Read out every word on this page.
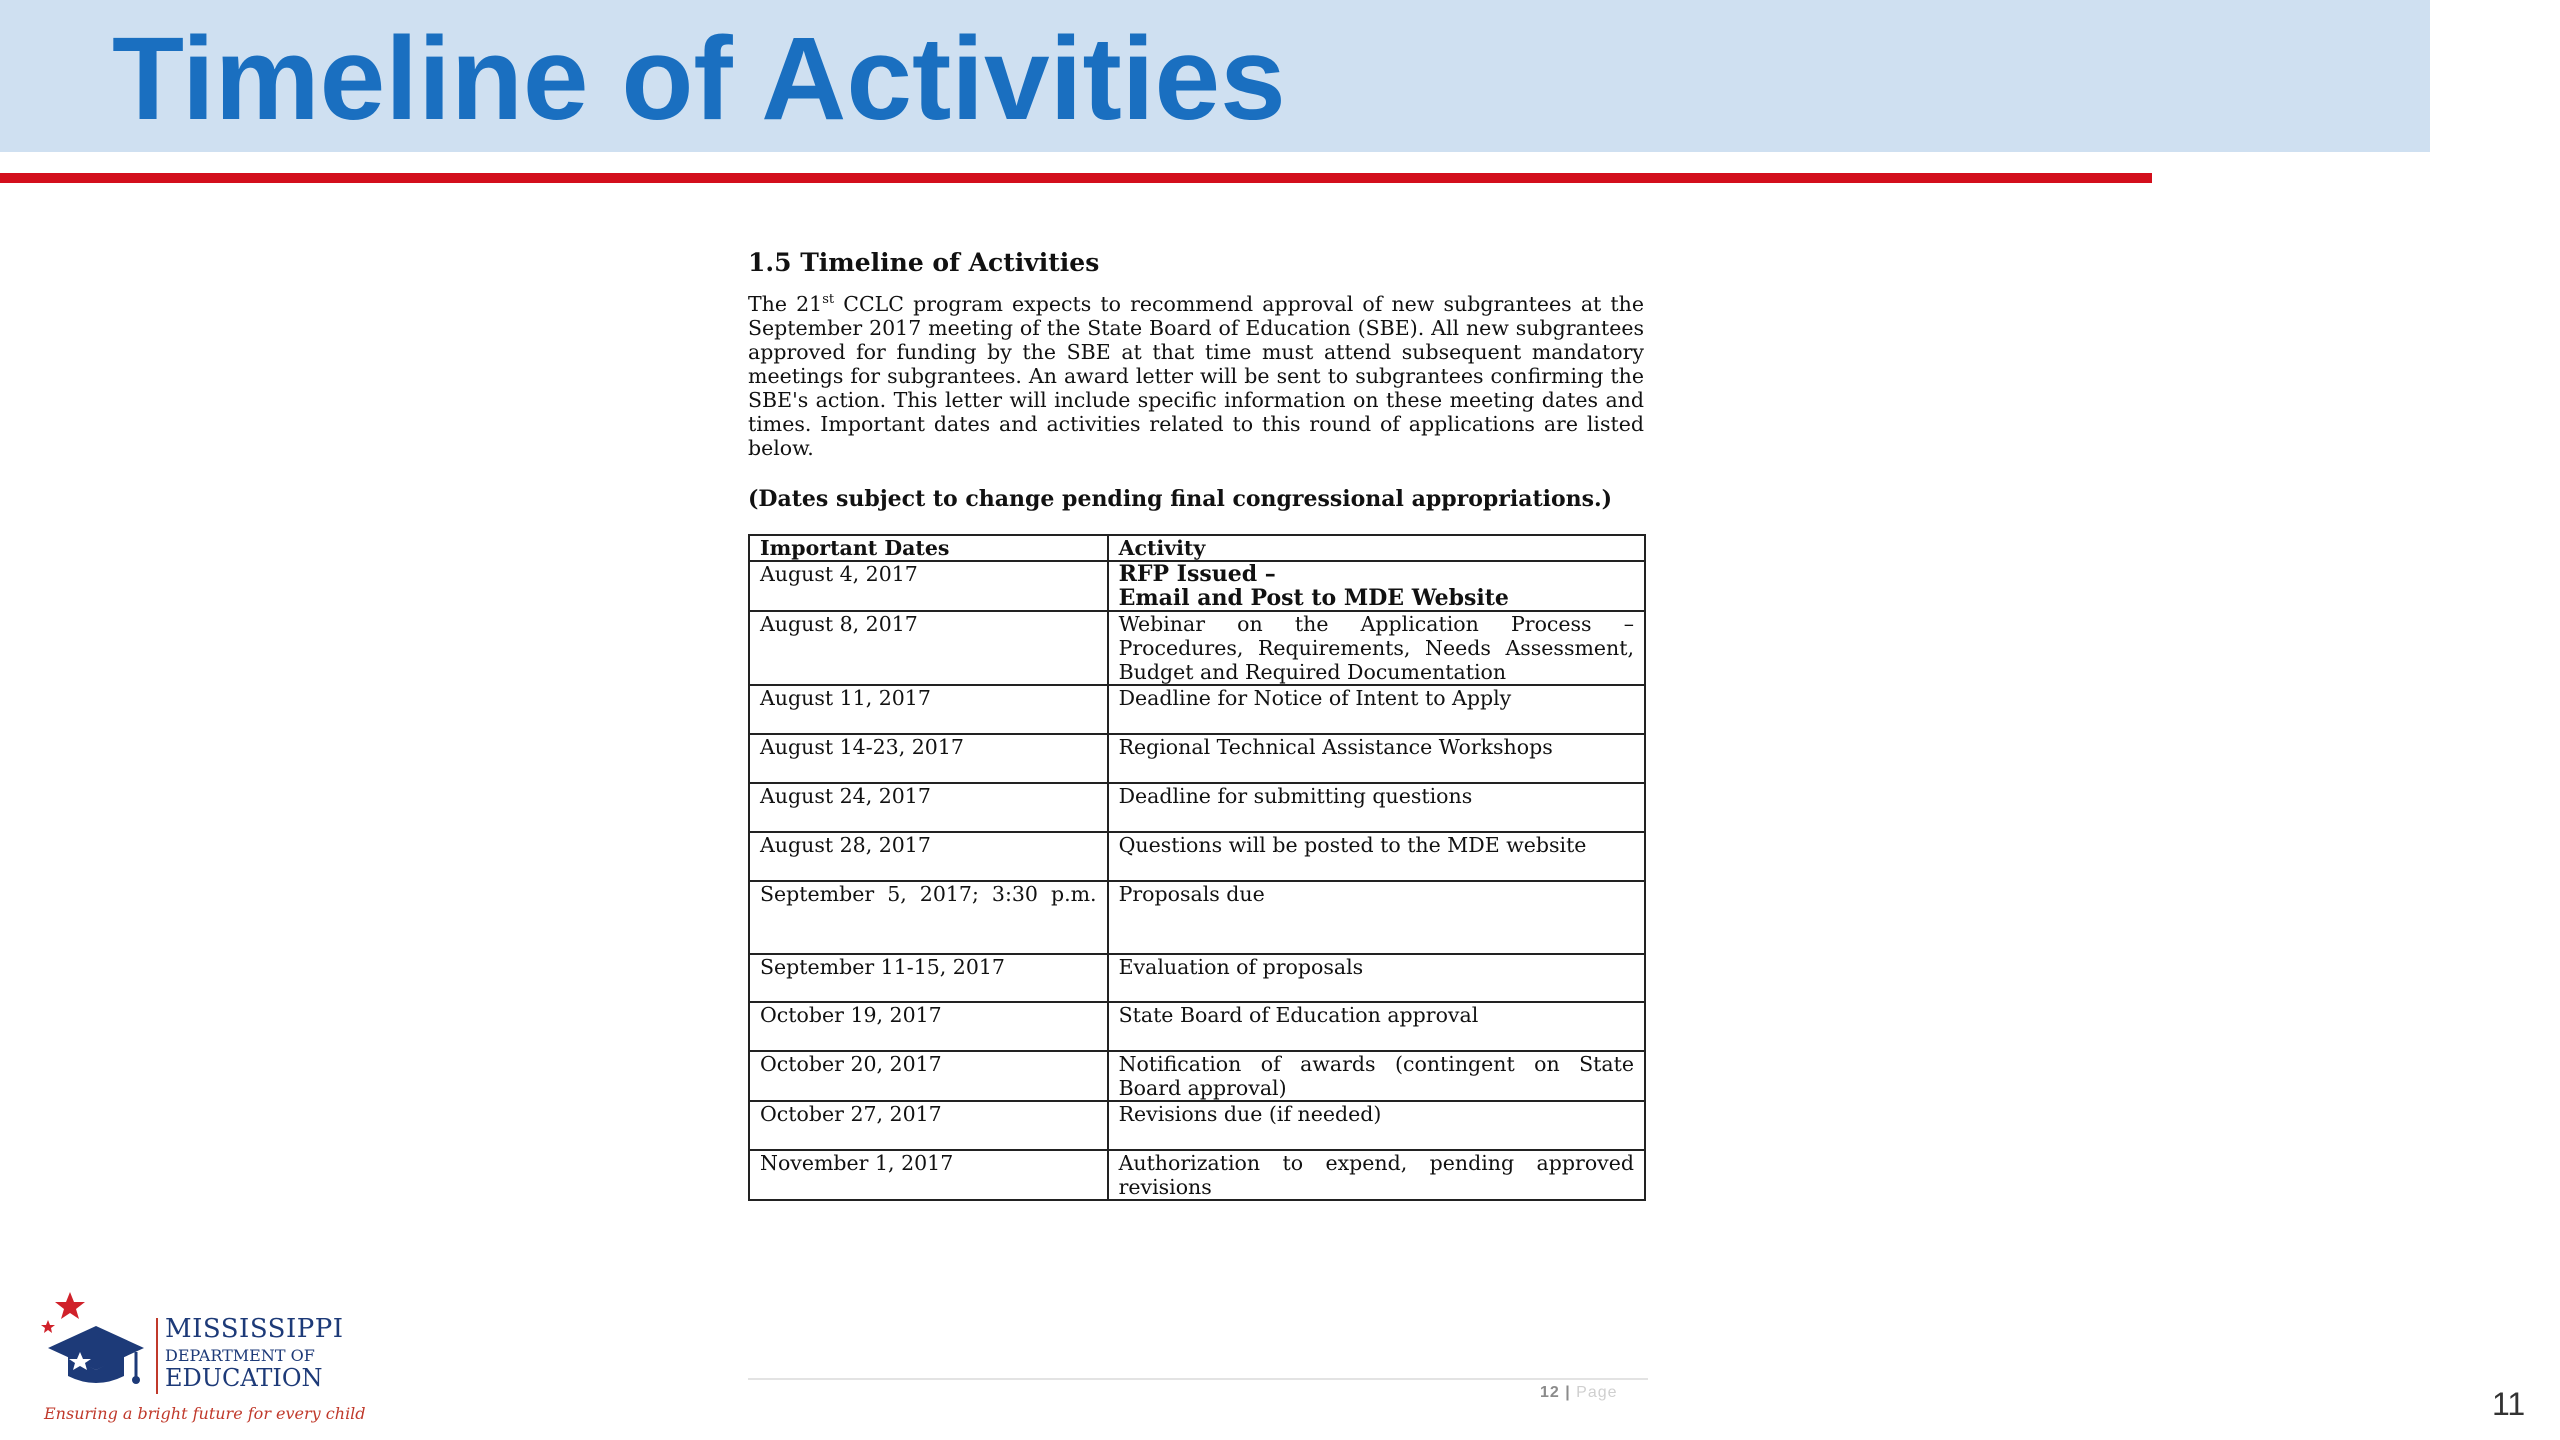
Timeline of Activities

1.5 Timeline of Activities

The 21st CCLC program expects to recommend approval of new subgrantees at the September 2017 meeting of the State Board of Education (SBE). All new subgrantees approved for funding by the SBE at that time must attend subsequent mandatory meetings for subgrantees. An award letter will be sent to subgrantees confirming the SBE's action. This letter will include specific information on these meeting dates and times. Important dates and activities related to this round of applications are listed below.

(Dates subject to change pending final congressional appropriations.)

Important Dates	Activity
August 4, 2017	RFP Issued –
Email and Post to MDE Website

August 8, 2017	Webinar on the Application Process – Procedures, Requirements, Needs Assessment, Budget and Required Documentation
August 11, 2017	Deadline for Notice of Intent to Apply
August 14-23, 2017	Regional Technical Assistance Workshops
August 24, 2017	Deadline for submitting questions
August 28, 2017	Questions will be posted to the MDE website
September  5,  2017;  3:30  p.m.	Proposals due
September 11-15, 2017	Evaluation of proposals
October 19, 2017	State Board of Education approval
October 20, 2017	Notification of awards (contingent on State Board approval)
October 27, 2017	Revisions due (if needed)
November 1, 2017	Authorization to expend, pending approved revisions
12 | Page
MISSISSIPPI
DEPARTMENT OF
EDUCATION
Ensuring a bright future for every child	11
